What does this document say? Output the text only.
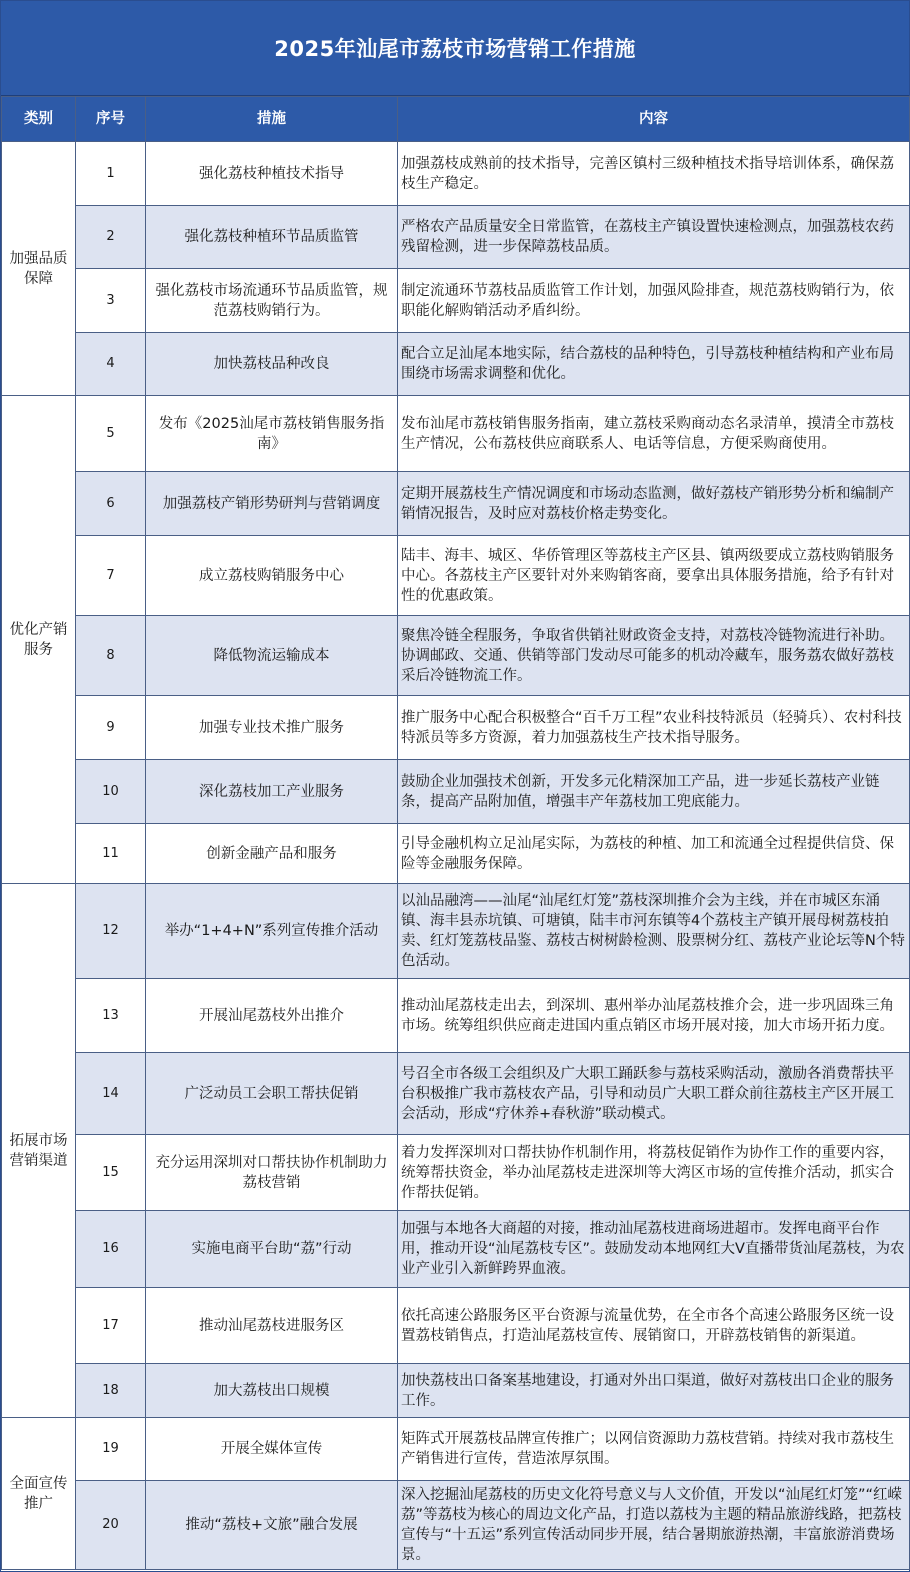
2025年汕尾市荔枝市场营销工作措施
类别	序号	措施	内容
加强品质保障	1	强化荔枝种植技术指导	加强荔枝成熟前的技术指导，完善区镇村三级种植技术指导培训体系，确保荔枝生产稳定。
	2	强化荔枝种植环节品质监管	严格农产品质量安全日常监管，在荔枝主产镇设置快速检测点，加强荔枝农药残留检测，进一步保障荔枝品质。
	3	强化荔枝市场流通环节品质监管，规范荔枝购销行为。	制定流通环节荔枝品质监管工作计划，加强风险排查，规范荔枝购销行为，依职能化解购销活动矛盾纠纷。
	4	加快荔枝品种改良	配合立足汕尾本地实际，结合荔枝的品种特色，引导荔枝种植结构和产业布局围绕市场需求调整和优化。
优化产销服务	5	发布《2025汕尾市荔枝销售服务指南》	发布汕尾市荔枝销售服务指南，建立荔枝采购商动态名录清单，摸清全市荔枝生产情况，公布荔枝供应商联系人、电话等信息，方便采购商使用。
	6	加强荔枝产销形势研判与营销调度	定期开展荔枝生产情况调度和市场动态监测，做好荔枝产销形势分析和编制产销情况报告，及时应对荔枝价格走势变化。
	7	成立荔枝购销服务中心	陆丰、海丰、城区、华侨管理区等荔枝主产区县、镇两级要成立荔枝购销服务中心。各荔枝主产区要针对外来购销客商，要拿出具体服务措施，给予有针对性的优惠政策。
	8	降低物流运输成本	聚焦冷链全程服务，争取省供销社财政资金支持，对荔枝冷链物流进行补助。协调邮政、交通、供销等部门发动尽可能多的机动冷藏车，服务荔农做好荔枝采后冷链物流工作。
	9	加强专业技术推广服务	推广服务中心配合积极整合“百千万工程”农业科技特派员（轻骑兵）、农村科技特派员等多方资源，着力加强荔枝生产技术指导服务。
	10	深化荔枝加工产业服务	鼓励企业加强技术创新，开发多元化精深加工产品，进一步延长荔枝产业链条，提高产品附加值，增强丰产年荔枝加工兜底能力。
	11	创新金融产品和服务	引导金融机构立足汕尾实际，为荔枝的种植、加工和流通全过程提供信贷、保险等金融服务保障。
拓展市场营销渠道	12	举办“1+4+N”系列宣传推介活动	以汕品融湾——汕尾“汕尾红灯笼”荔枝深圳推介会为主线，并在市城区东涌镇、海丰县赤坑镇、可塘镇，陆丰市河东镇等4个荔枝主产镇开展母树荔枝拍卖、红灯笼荔枝品鉴、荔枝古树树龄检测、股票树分红、荔枝产业论坛等N个特色活动。
	13	开展汕尾荔枝外出推介	推动汕尾荔枝走出去，到深圳、惠州举办汕尾荔枝推介会，进一步巩固珠三角市场。统筹组织供应商走进国内重点销区市场开展对接，加大市场开拓力度。
	14	广泛动员工会职工帮扶促销	号召全市各级工会组织及广大职工踊跃参与荔枝采购活动，激励各消费帮扶平台积极推广我市荔枝农产品，引导和动员广大职工群众前往荔枝主产区开展工会活动，形成“疗休养+春秋游”联动模式。
	15	充分运用深圳对口帮扶协作机制助力荔枝营销	着力发挥深圳对口帮扶协作机制作用，将荔枝促销作为协作工作的重要内容，统筹帮扶资金，举办汕尾荔枝走进深圳等大湾区市场的宣传推介活动，抓实合作帮扶促销。
	16	实施电商平台助“荔”行动	加强与本地各大商超的对接，推动汕尾荔枝进商场进超市。发挥电商平台作用，推动开设“汕尾荔枝专区”。鼓励发动本地网红大V直播带货汕尾荔枝，为农业产业引入新鲜跨界血液。
	17	推动汕尾荔枝进服务区	依托高速公路服务区平台资源与流量优势，在全市各个高速公路服务区统一设置荔枝销售点，打造汕尾荔枝宣传、展销窗口，开辟荔枝销售的新渠道。
	18	加大荔枝出口规模	加快荔枝出口备案基地建设，打通对外出口渠道，做好对荔枝出口企业的服务工作。
全面宣传推广	19	开展全媒体宣传	矩阵式开展荔枝品牌宣传推广；以网信资源助力荔枝营销。持续对我市荔枝生产销售进行宣传，营造浓厚氛围。
	20	推动“荔枝+文旅”融合发展	深入挖掘汕尾荔枝的历史文化符号意义与人文价值，开发以“汕尾红灯笼”“红嵘荔”等荔枝为核心的周边文化产品，打造以荔枝为主题的精品旅游线路，把荔枝宣传与“十五运”系列宣传活动同步开展，结合暑期旅游热潮，丰富旅游消费场景。
